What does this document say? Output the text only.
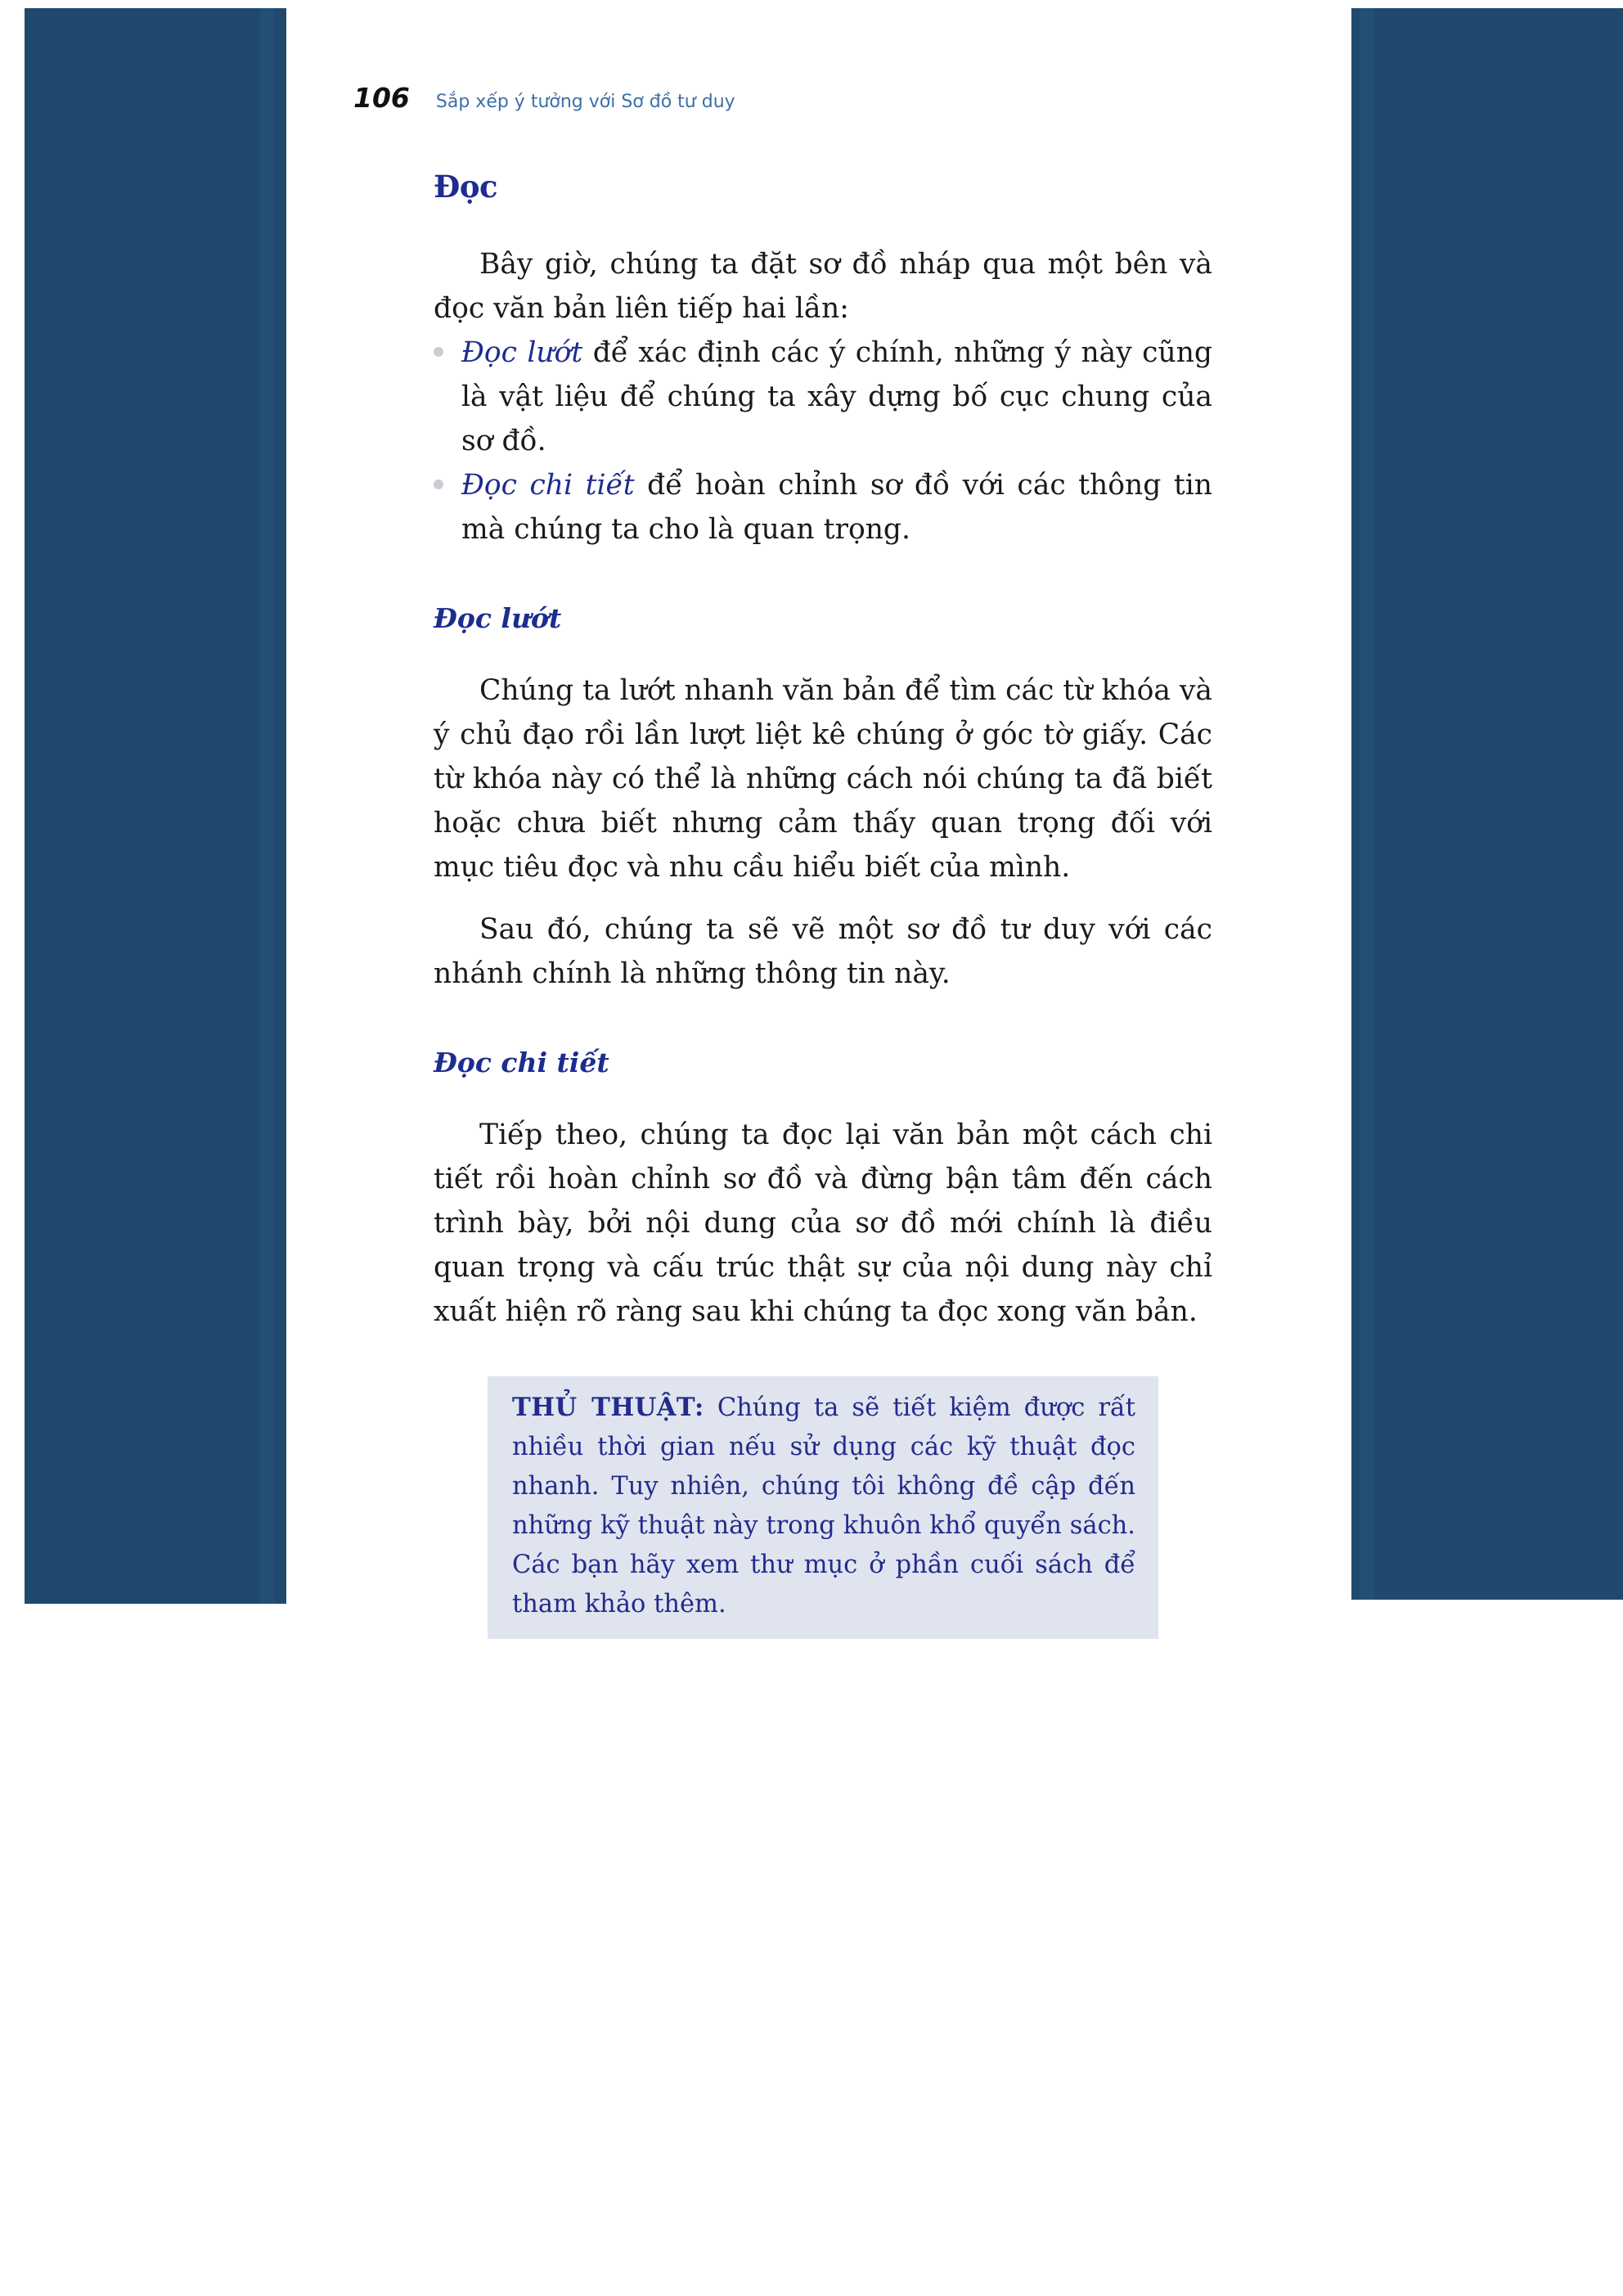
106 Sắp xếp ý tưởng với Sơ đồ tư duy
Đọc

Bây giờ, chúng ta đặt sơ đồ nháp qua một bên và đọc văn bản liên tiếp hai lần:

Đọc lướt để xác định các ý chính, những ý này cũng là vật liệu để chúng ta xây dựng bố cục chung của sơ đồ.
Đọc chi tiết để hoàn chỉnh sơ đồ với các thông tin mà chúng ta cho là quan trọng.
Đọc lướt

Chúng ta lướt nhanh văn bản để tìm các từ khóa và ý chủ đạo rồi lần lượt liệt kê chúng ở góc tờ giấy. Các từ khóa này có thể là những cách nói chúng ta đã biết hoặc chưa biết nhưng cảm thấy quan trọng đối với mục tiêu đọc và nhu cầu hiểu biết của mình.

Sau đó, chúng ta sẽ vẽ một sơ đồ tư duy với các nhánh chính là những thông tin này.

Đọc chi tiết

Tiếp theo, chúng ta đọc lại văn bản một cách chi tiết rồi hoàn chỉnh sơ đồ và đừng bận tâm đến cách trình bày, bởi nội dung của sơ đồ mới chính là điều quan trọng và cấu trúc thật sự của nội dung này chỉ xuất hiện rõ ràng sau khi chúng ta đọc xong văn bản.

THỦ THUẬT: Chúng ta sẽ tiết kiệm được rất nhiều thời gian nếu sử dụng các kỹ thuật đọc nhanh. Tuy nhiên, chúng tôi không đề cập đến những kỹ thuật này trong khuôn khổ quyển sách. Các bạn hãy xem thư mục ở phần cuối sách để tham khảo thêm.
